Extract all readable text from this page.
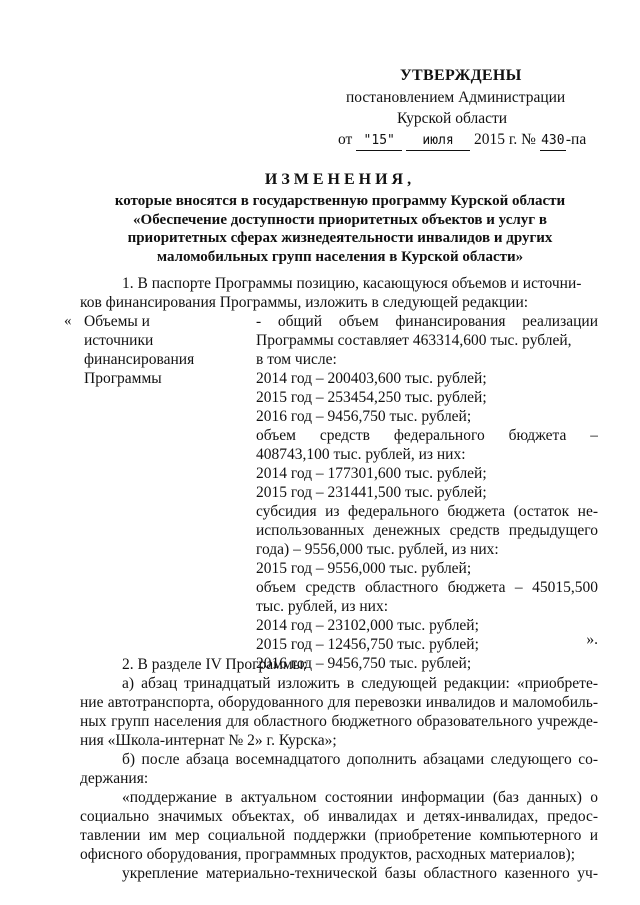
УТВЕРЖДЕНЫ
постановлением Администрации
Курской области
от "15" июля 2015 г. № 430-па
ИЗМЕНЕНИЯ,
которые вносятся в государственную программу Курской области
«Обеспечение доступности приоритетных объектов и услуг в
приоритетных сферах жизнедеятельности инвалидов и других
маломобильных групп населения в Курской области»
1. В паспорте Программы позицию, касающуюся объемов и источни-
ков финансирования Программы, изложить в следующей редакции:
« Объемы и
источники
финансирования
Программы
- общий объем финансирования реализации
Программы составляет 463314,600 тыс. рублей,
в том числе:
2014 год – 200403,600 тыс. рублей;
2015 год – 253454,250 тыс. рублей;
2016 год – 9456,750 тыс. рублей;
объем средств федерального бюджета –
408743,100 тыс. рублей, из них:
2014 год – 177301,600 тыс. рублей;
2015 год – 231441,500 тыс. рублей;
субсидия из федерального бюджета (остаток не-
использованных денежных средств предыдущего
года) – 9556,000 тыс. рублей, из них:
2015 год – 9556,000 тыс. рублей;
объем средств областного бюджета – 45015,500
тыс. рублей, из них:
2014 год – 23102,000 тыс. рублей;
2015 год – 12456,750 тыс. рублей;
2016 год – 9456,750 тыс. рублей;
».
2. В разделе IV Программы:
а) абзац тринадцатый изложить в следующей редакции: «приобрете-
ние автотранспорта, оборудованного для перевозки инвалидов и маломобиль-
ных групп населения для областного бюджетного образовательного учрежде-
ния «Школа-интернат № 2» г. Курска»;
б) после абзаца восемнадцатого дополнить абзацами следующего со-
держания:
«поддержание в актуальном состоянии информации (баз данных) о
социально значимых объектах, об инвалидах и детях-инвалидах, предос-
тавлении им мер социальной поддержки (приобретение компьютерного и
офисного оборудования, программных продуктов, расходных материалов);
укрепление материально-технической базы областного казенного уч-
